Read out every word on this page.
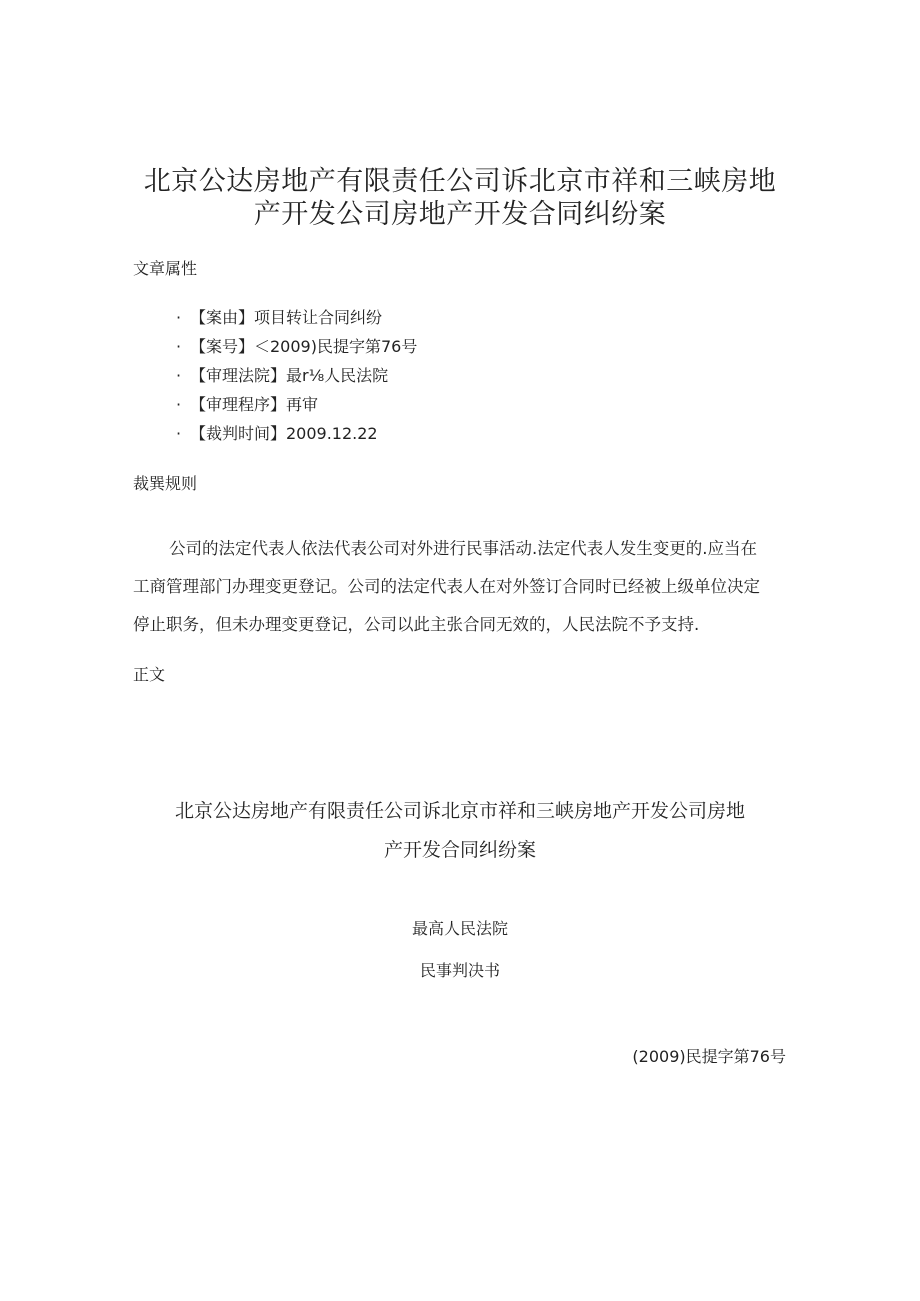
北京公达房地产有限责任公司诉北京市祥和三峡房地
产开发公司房地产开发合同纠纷案
文章属性
· 【案由】项目转让合同纠纷
· 【案号】＜2009)民提字第76号
· 【审理法院】最r⅛人民法院
· 【审理程序】再审
· 【裁判时间】2009.12.22
裁巽规则
公司的法定代表人依法代表公司对外进行民事活动.法定代表人发生变更的.应当在
工商管理部门办理变更登记。公司的法定代表人在对外签订合同时已经被上级单位决定
停止职务，但未办理变更登记，公司以此主张合同无效的，人民法院不予支持.
正文
北京公达房地产有限责任公司诉北京市祥和三峡房地产开发公司房地
产开发合同纠纷案
最高人民法院
民事判决书
(2009)民提字第76号
